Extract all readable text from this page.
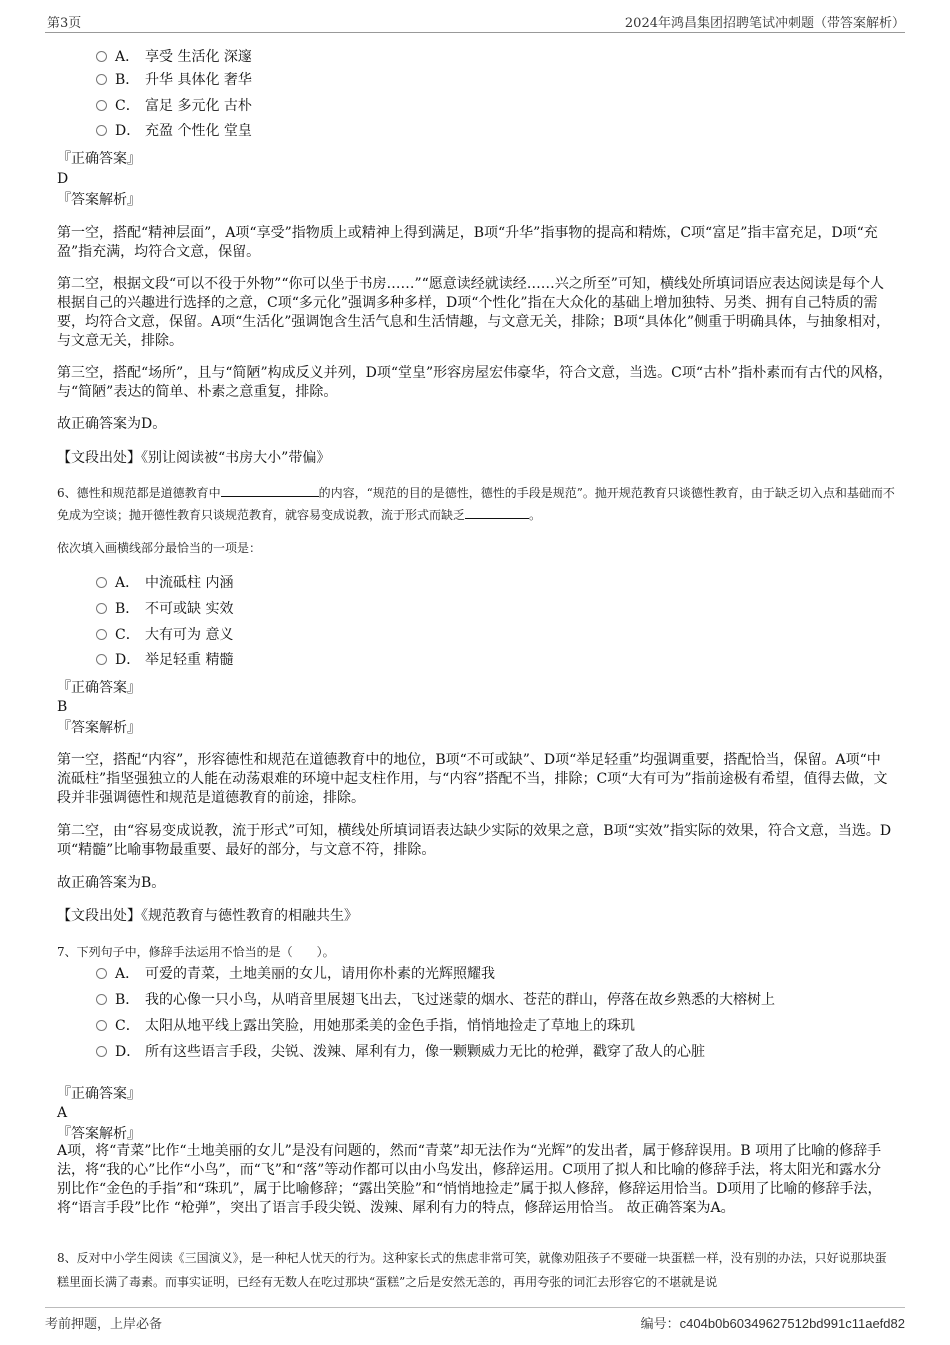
第3页	2024年鸿昌集团招聘笔试冲刺题（带答案解析）
A． 享受 生活化 深邃
B． 升华 具体化 奢华
C． 富足 多元化 古朴
D． 充盈 个性化 堂皇
『正确答案』
D
『答案解析』
第一空，搭配“精神层面”，A项“享受”指物质上或精神上得到满足，B项“升华”指事物的提高和精炼，C项“富足”指丰富充足，D项“充盈”指充满，均符合文意，保留。
第二空，根据文段“可以不役于外物”“你可以坐于书房……”“愿意读经就读经……兴之所至”可知，横线处所填词语应表达阅读是每个人根据自己的兴趣进行选择的之意，C项“多元化”强调多种多样，D项“个性化”指在大众化的基础上增加独特、另类、拥有自己特质的需要，均符合文意，保留。A项“生活化”强调饱含生活气息和生活情趣，与文意无关，排除；B项“具体化”侧重于明确具体，与抽象相对，与文意无关，排除。
第三空，搭配“场所”，且与“简陋”构成反义并列，D项“堂皇”形容房屋宏伟豪华，符合文意，当选。C项“古朴”指朴素而有古代的风格，与“简陋”表达的简单、朴素之意重复，排除。
故正确答案为D。
【文段出处】《别让阅读被“书房大小”带偏》
6、德性和规范都是道德教育中	的内容，“规范的目的是德性，德性的手段是规范”。抛开规范教育只谈德性教育，由于缺乏切入点和基础而不免成为空谈；抛开德性教育只谈规范教育，就容易变成说教，流于形式而缺乏	。
依次填入画横线部分最恰当的一项是：
A． 中流砥柱 内涵
B． 不可或缺 实效
C． 大有可为 意义
D． 举足轻重 精髓
『正确答案』
B
『答案解析』
第一空，搭配“内容”，形容德性和规范在道德教育中的地位，B项“不可或缺”、D项“举足轻重”均强调重要，搭配恰当，保留。A项“中流砥柱”指坚强独立的人能在动荡艰难的环境中起支柱作用，与“内容”搭配不当，排除；C项“大有可为”指前途极有希望，值得去做，文段并非强调德性和规范是道德教育的前途，排除。
第二空，由“容易变成说教，流于形式”可知，横线处所填词语表达缺少实际的效果之意，B项“实效”指实际的效果，符合文意，当选。D项“精髓”比喻事物最重要、最好的部分，与文意不符，排除。
故正确答案为B。
【文段出处】《规范教育与德性教育的相融共生》
7、下列句子中，修辞手法运用不恰当的是（　　）。
A． 可爱的青菜，土地美丽的女儿，请用你朴素的光辉照耀我
B． 我的心像一只小鸟，从哨音里展翅飞出去，飞过迷蒙的烟水、苍茫的群山，停落在故乡熟悉的大榕树上
C． 太阳从地平线上露出笑脸，用她那柔美的金色手指，悄悄地捡走了草地上的珠玑
D． 所有这些语言手段，尖锐、泼辣、犀利有力，像一颗颗威力无比的枪弹，戳穿了敌人的心脏
『正确答案』
A
『答案解析』
A项，将“青菜”比作“土地美丽的女儿”是没有问题的，然而“青菜”却无法作为“光辉”的发出者，属于修辞误用。B 项用了比喻的修辞手法，将“我的心”比作“小鸟”，而“飞”和“落”等动作都可以由小鸟发出，修辞运用。C项用了拟人和比喻的修辞手法，将太阳光和露水分 别比作“金色的手指”和“珠玑”，属于比喻修辞；“露出笑脸”和“悄悄地捡走”属于拟人修辞，修辞运用恰当。D项用了比喻的修辞手法，将“语言手段”比作 “枪弹”，突出了语言手段尖锐、泼辣、犀利有力的特点，修辞运用恰当。 故正确答案为A。
8、反对中小学生阅读《三国演义》，是一种杞人忧天的行为。这种家长式的焦虑非常可笑，就像劝阻孩子不要碰一块蛋糕一样，没有别的办法，只好说那块蛋糕里面长满了毒素。而事实证明，已经有无数人在吃过那块“蛋糕”之后是安然无恙的，再用夸张的词汇去形容它的不堪就是说
考前押题，上岸必备	编号：c404b0b60349627512bd991c11aefd82
